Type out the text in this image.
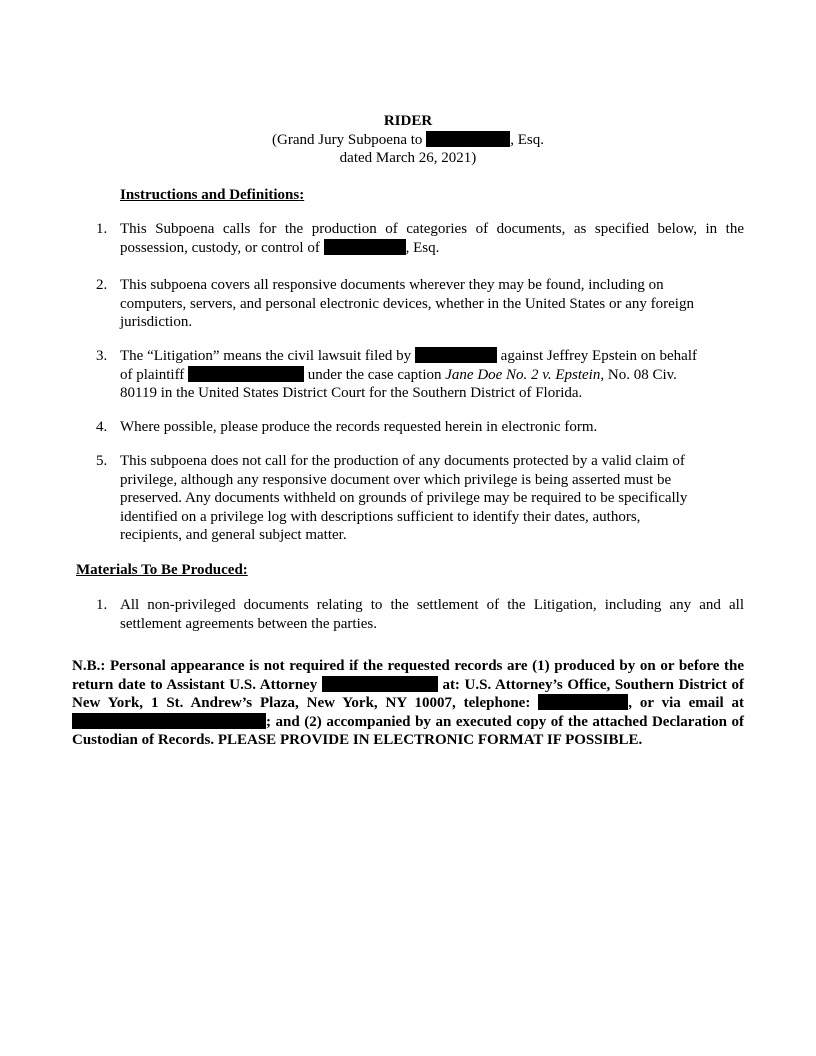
RIDER
(Grand Jury Subpoena to	, Esq.
dated March 26, 2021)
Instructions and Definitions:
1. This Subpoena calls for the production of categories of documents, as specified below, in the possession, custody, or control of	, Esq.
2. This subpoena covers all responsive documents wherever they may be found, including on
computers, servers, and personal electronic devices, whether in the United States or any foreign
jurisdiction.
3. The “Litigation” means the civil lawsuit filed by	against Jeffrey Epstein on behalf
of plaintiff	under the case caption Jane Doe No. 2 v. Epstein, No. 08 Civ.
80119 in the United States District Court for the Southern District of Florida.
4. Where possible, please produce the records requested herein in electronic form.
5. This subpoena does not call for the production of any documents protected by a valid claim of
privilege, although any responsive document over which privilege is being asserted must be
preserved. Any documents withheld on grounds of privilege may be required to be specifically
identified on a privilege log with descriptions sufficient to identify their dates, authors,
recipients, and general subject matter.
Materials To Be Produced:
1. All non-privileged documents relating to the settlement of the Litigation, including any and all settlement agreements between the parties.
N.B.: Personal appearance is not required if the requested records are (1) produced by on or before the return date to Assistant U.S. Attorney	at: U.S. Attorney’s Office, Southern District of New York, 1 St. Andrew’s Plaza, New York, NY 10007, telephone:	, or via email at ; and (2) accompanied by an executed copy of the attached Declaration of Custodian of Records. PLEASE PROVIDE IN ELECTRONIC FORMAT IF POSSIBLE.
